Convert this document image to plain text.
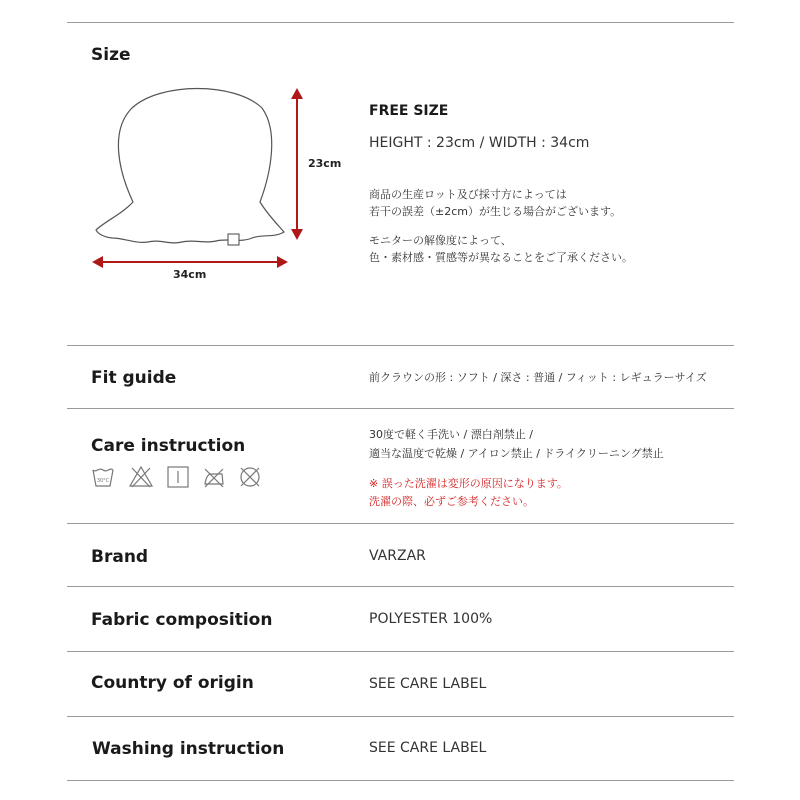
Size
23cm
34cm
FREE SIZE
HEIGHT : 23cm / WIDTH : 34cm
商品の生産ロット及び採寸方によっては
若干の誤差（±2cm）が生じる場合がございます。
モニターの解像度によって、
色・素材感・質感等が異なることをご了承ください。
Fit guide	前クラウンの形 : ソフト / 深さ : 普通 / フィット : レギュラーサイズ
Care instruction
30度で軽く手洗い / 漂白剤禁止 /
適当な温度で乾燥 / アイロン禁止 / ドライクリーニング禁止
※ 誤った洗濯は変形の原因になります。
洗濯の際、必ずご参考ください。
30°C
Brand	VARZAR
Fabric composition	POLYESTER 100%
Country of origin	SEE CARE LABEL
Washing instruction	SEE CARE LABEL
